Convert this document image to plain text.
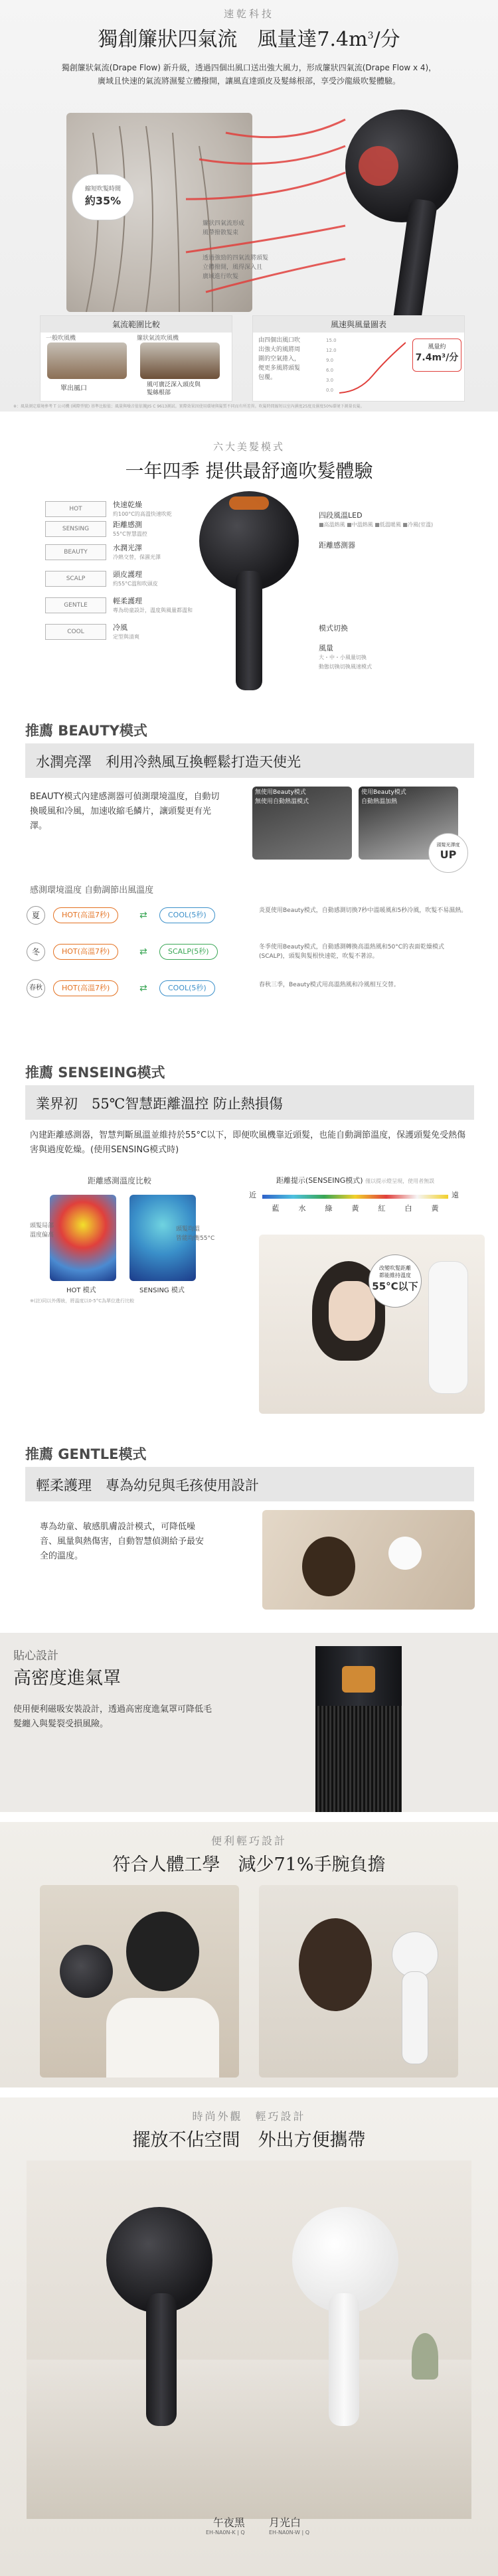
速乾科技
獨創簾狀四氣流　 風量達$7.4m^3/$分
獨創簾狀氣流(Drape Flow) 新升級，透過四個出風口送出強大風力，形成簾狀四氣流(Drape Flow x 4)，廣域且快速的氣流將濕髮立體撥開，讓風直達頭皮及髮絲根部，享受沙龍級吹髮體驗。
縮短吹髮時間
約35%
簾狀四氣流形成
風帶撥散髮束
透過強勁的四氣流將頭髮
立體撥開，風得深入且
廣域進行吹髮
氣流範圍比較
一般吹風機	簾狀氣流吹風機
單出風口	風可廣泛深入頭皮與
髮絲根部
風速與風量圖表
由四個出風口吹
出強大的風將周
圍的空氣捲入，
便更多風將頭髮
包覆。
15.0
12.0
9.0
6.0
3.0
0.0
風量約
7.4m³/分
※：風量測定環境參考 T 公司機 (國際型號) 基準比較值；風量與噪音值依據JIS C 9613測試。實際效果因使用環境與髮質不同而有所差異。吹髮時間縮短以室內濕度25度及濕度50%環境下測量長髮。
六大美髮模式
一年四季 提供最舒適吹髮體驗
HOT
SENSING
BEAUTY
SCALP
GENTLE
COOL
快速乾燥
約100°C的高溫快速吹乾
距離感測
55°C智慧溫控
水潤光澤
冷熱交替，保濕光澤
頭皮護理
約55°C溫和吹頭皮
輕柔護理
專為幼童設計，溫度與風量都溫和
冷風
定型與清爽
四段風溫LED
■高溫熱風 ■中溫熱風 ■低溫暖風 ■冷風(室溫)
距離感測器
模式切換
風量
大・中・小風量切換
動態切換切換風速模式
推薦 BEAUTY模式
水潤亮澤　利用冷熱風互換輕鬆打造天使光
BEAUTY模式內建感測器可偵測環境溫度，自動切換暖風和冷風，加速收縮毛鱗片，讓頭髮更有光澤。
無使用Beauty模式
無使用自動熱溫模式
使用Beauty模式
自動熱溫加熱
頭髮光澤度
UP
感測環境溫度 自動調節出風溫度
夏	HOT(高溫7秒)	⇄	COOL(5秒)	炎夏使用Beauty模式，自動感測切換7秒中溫暖風和5秒冷風，吹髮不易濕熱。
冬	HOT(高溫7秒)	⇄	SCALP(5秒)	冬季使用Beauty模式，自動感測轉換高溫熱風和50°C的表面乾燥模式(SCALP)，頭髮與髮根快速乾，吹髮不著涼。
春秋	HOT(高溫7秒)	⇄	COOL(5秒)	春秋三季，Beauty模式用高溫熱風和冷風相互交替。
推薦 SENSEING模式
業界初　55℃智慧距離溫控 防止熱損傷
內建距離感測器，智慧判斷風溫並維持於55°C以下，即便吹風機靠近頭髮，也能自動調節溫度，保護頭髮免受熱傷害與過度乾燥。(使用SENSING模式時)
距離感測溫度比較
頭髮局部
溫度偏高
頭髮均溫
皆能均衡55°C
HOT 模式	SENSING 模式
※(註)同以外傳統，將溫度以0-5°C為單位進行比較
距離提示(SENSEING模式) 僅以提示燈呈現，使用者無誤
近	遠
藍	水	綠	黃	紅	白	黃
改變吹髮距離
都能維持溫度
55°C以下
推薦 GENTLE模式
輕柔護理　專為幼兒與毛孩使用設計
專為幼童、敏感肌膚設計模式，可降低噪音、風量與熱傷害，自動智慧偵測給予最安全的溫度。
貼心設計
高密度進氣罩
使用便利磁吸安裝設計，透過高密度進氣罩可降低毛髮纏入與髮裂受損風險。
便利輕巧設計
符合人體工學　減少71%手腕負擔
時尚外觀　輕巧設計
擺放不佔空間　外出方便攜帶
午夜黑
EH-NA0N-K | Q
月光白
EH-NA0N-W | Q
